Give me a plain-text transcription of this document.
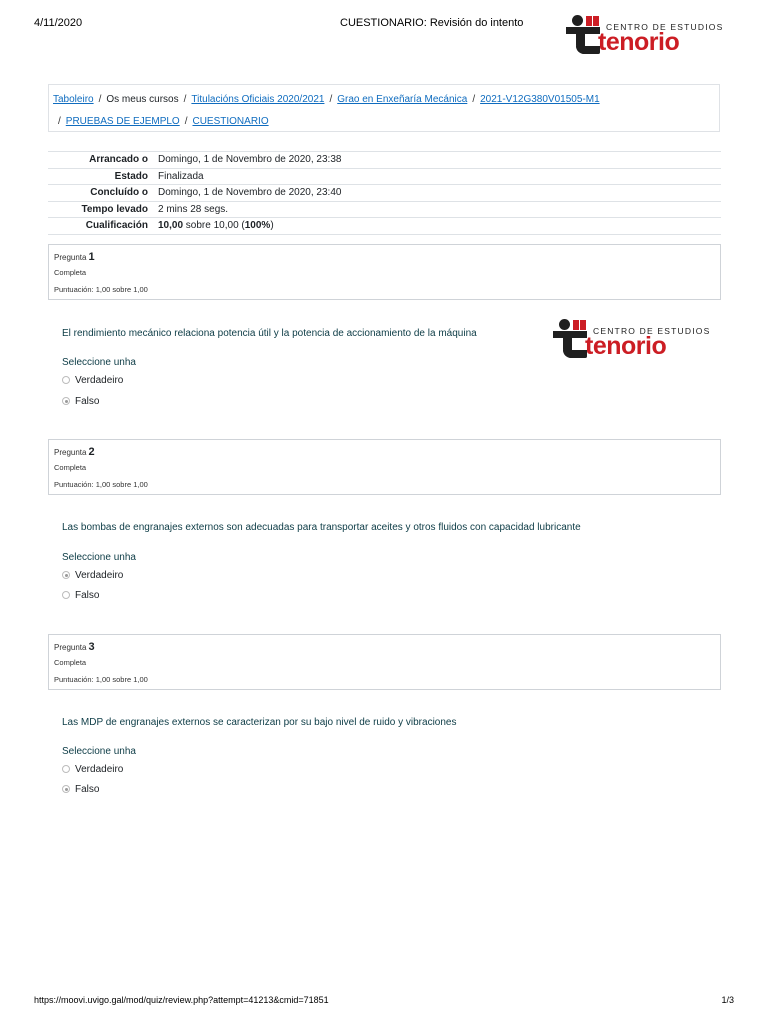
4/11/2020	CUESTIONARIO: Revisión do intento	CENTRO DE ESTUDIOS
tenorio
Taboleiro / Os meus cursos / Titulacións Oficiais 2020/2021 / Grao en Enxeñaría Mecánica / 2021-V12G380V01505-M1
/ PRUEBAS DE EJEMPLO / CUESTIONARIO
Arrancado o	Domingo, 1 de Novembro de 2020, 23:38
Estado	Finalizada
Concluído o	Domingo, 1 de Novembro de 2020, 23:40
Tempo levado	2 mins 28 segs.
Cualificación	10,00 sobre 10,00 (100%)
Pregunta 1
Completa
Puntuación: 1,00 sobre 1,00
El rendimiento mecánico relaciona potencia útil y la potencia de accionamiento de la máquina	CENTRO DE ESTUDIOS
tenorio
Seleccione unha
Verdadeiro
Falso
Pregunta 2
Completa
Puntuación: 1,00 sobre 1,00
Las bombas de engranajes externos son adecuadas para transportar aceites y otros fluidos con capacidad lubricante
Seleccione unha
Verdadeiro
Falso
Pregunta 3
Completa
Puntuación: 1,00 sobre 1,00
Las MDP de engranajes externos se caracterizan por su bajo nivel de ruido y vibraciones
Seleccione unha
Verdadeiro
Falso
https://moovi.uvigo.gal/mod/quiz/review.php?attempt=41213&cmid=71851	1/3
